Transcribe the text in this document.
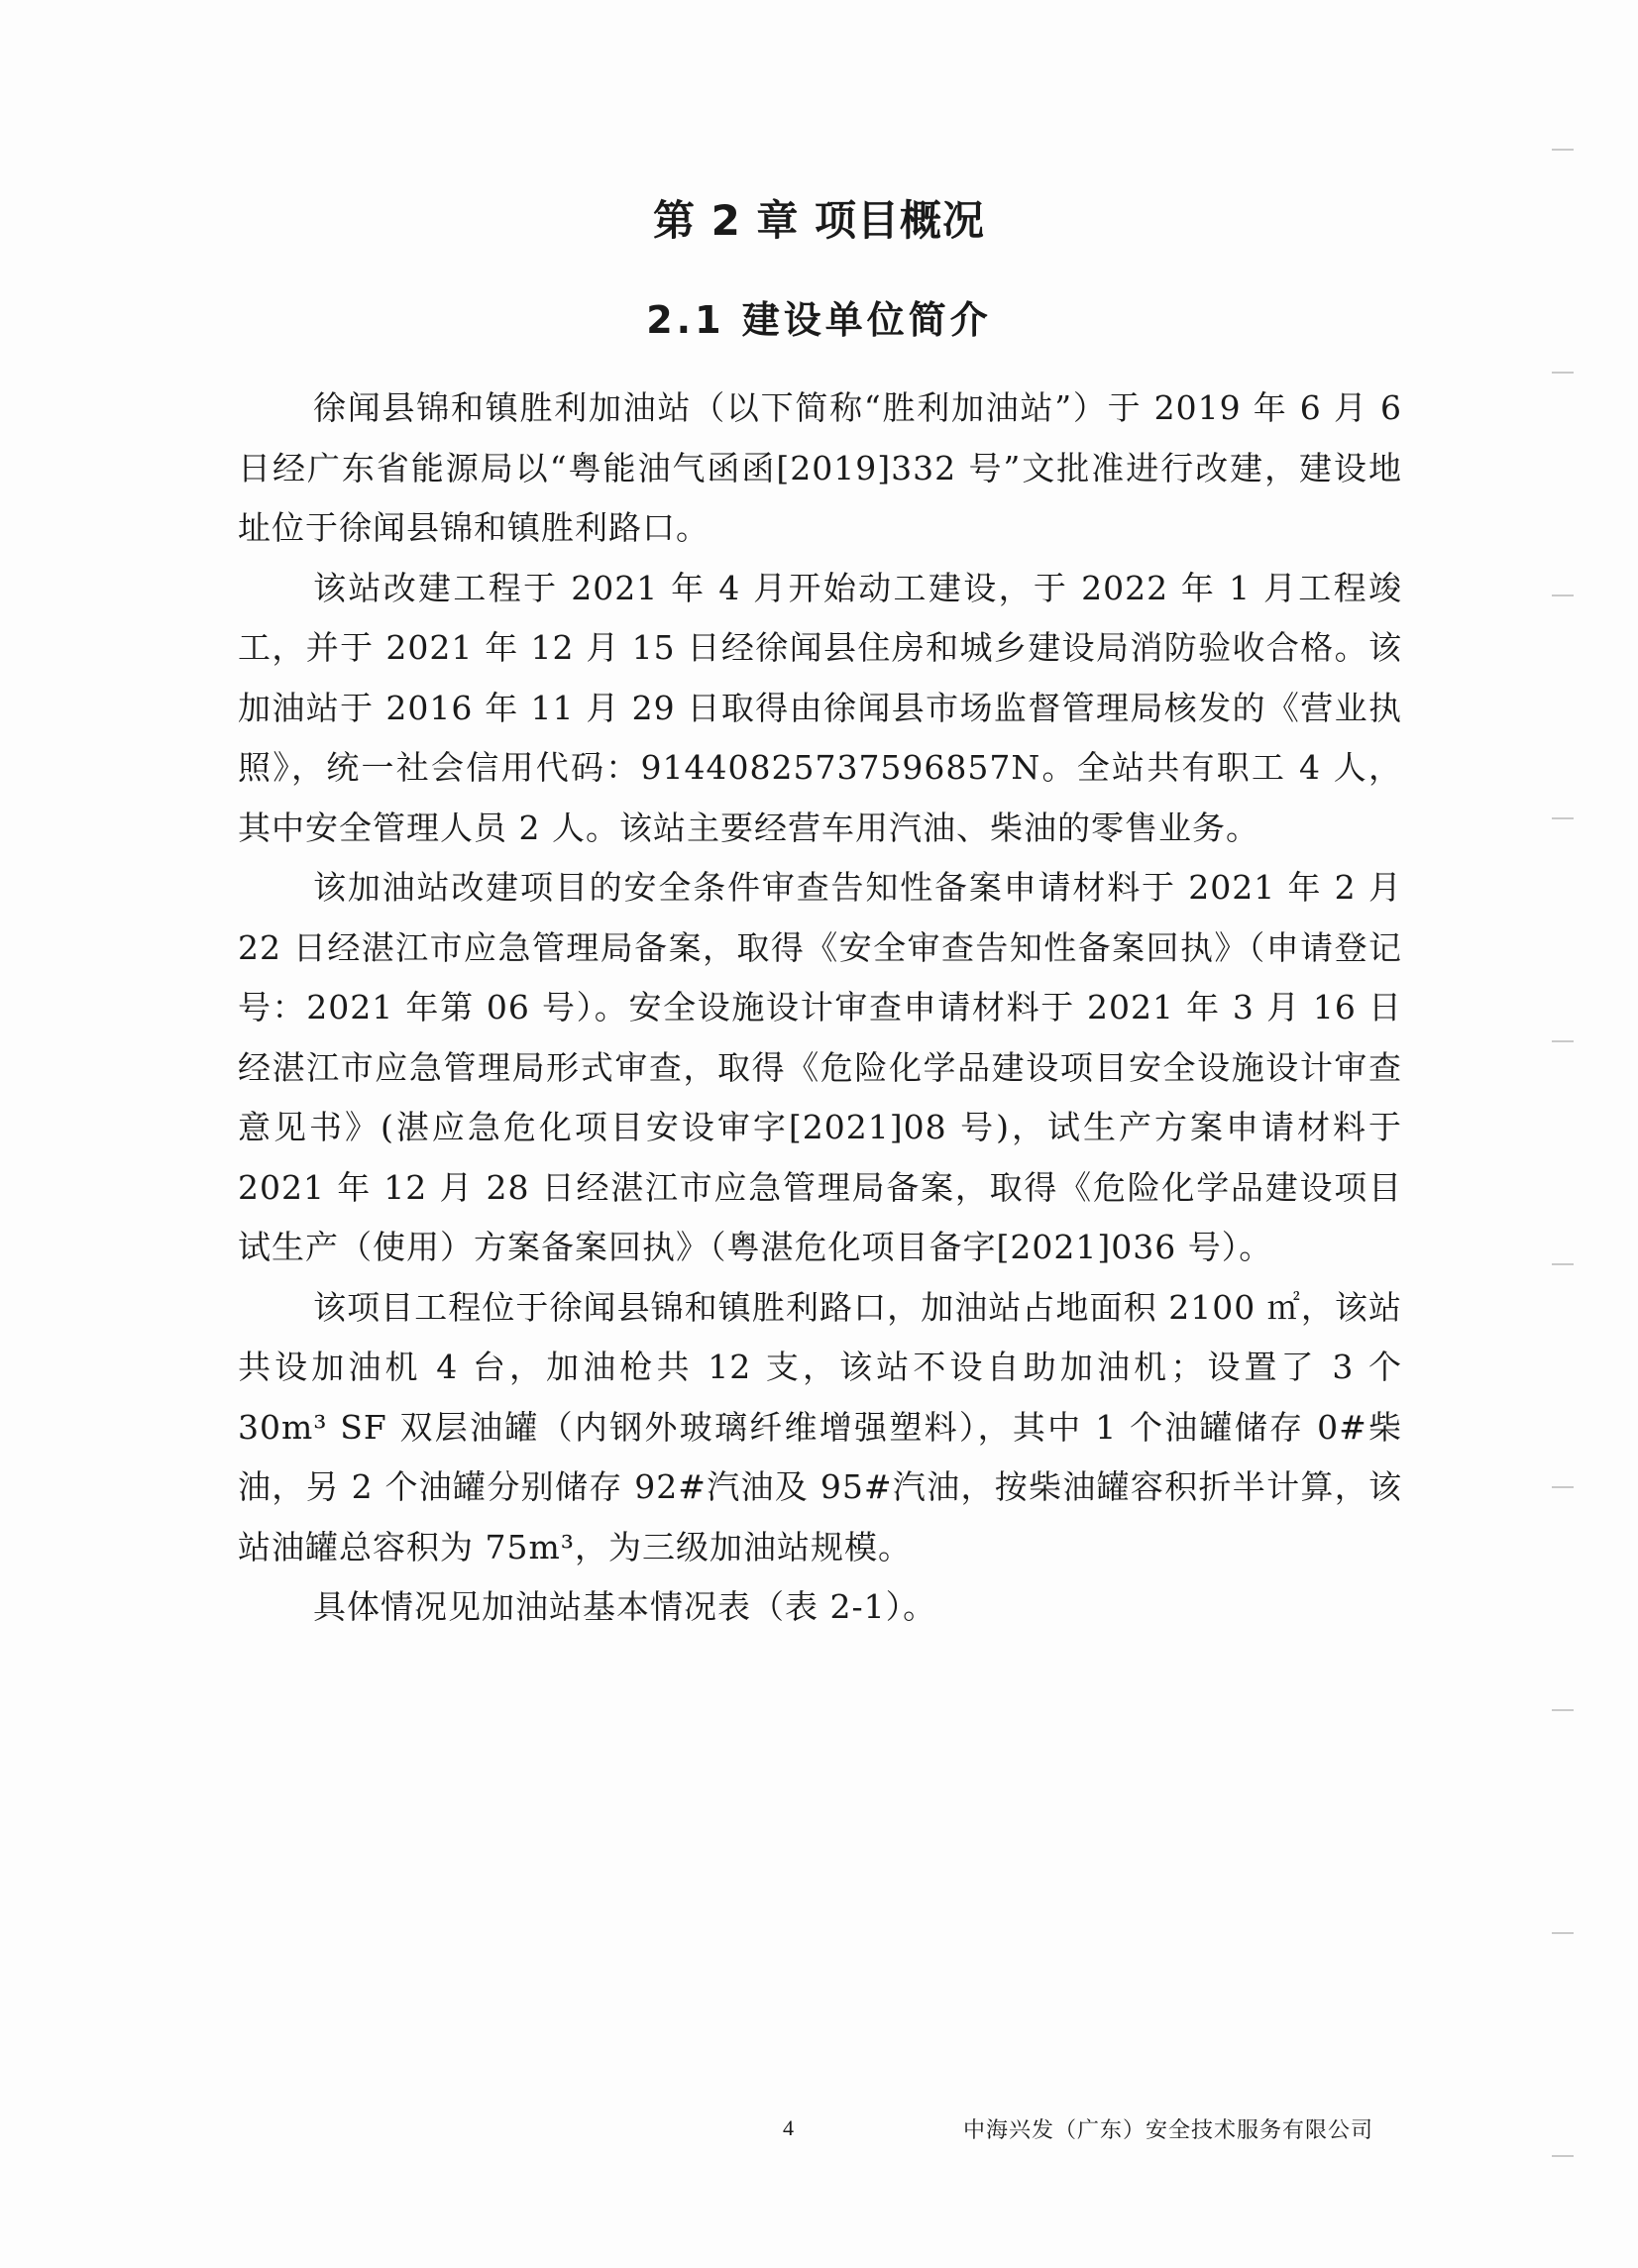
第 2 章 项目概况
2.1 建设单位简介

徐闻县锦和镇胜利加油站（以下简称“胜利加油站”）于 2019 年 6 月 6 日经广东省能源局以“粤能油气函函[2019]332 号”文批准进行改建，建设地址位于徐闻县锦和镇胜利路口。

该站改建工程于 2021 年 4 月开始动工建设，于 2022 年 1 月工程竣工，并于 2021 年 12 月 15 日经徐闻县住房和城乡建设局消防验收合格。该加油站于 2016 年 11 月 29 日取得由徐闻县市场监督管理局核发的《营业执照》，统一社会信用代码：91440825737596857N。全站共有职工 4 人，其中安全管理人员 2 人。该站主要经营车用汽油、柴油的零售业务。

该加油站改建项目的安全条件审查告知性备案申请材料于 2021 年 2 月 22 日经湛江市应急管理局备案，取得《安全审查告知性备案回执》（申请登记号：2021 年第 06 号）。安全设施设计审查申请材料于 2021 年 3 月 16 日经湛江市应急管理局形式审查，取得《危险化学品建设项目安全设施设计审查意见书》(湛应急危化项目安设审字[2021]08 号)，试生产方案申请材料于 2021 年 12 月 28 日经湛江市应急管理局备案，取得《危险化学品建设项目试生产（使用）方案备案回执》（粤湛危化项目备字[2021]036 号）。

该项目工程位于徐闻县锦和镇胜利路口，加油站占地面积 2100 ㎡，该站共设加油机 4 台，加油枪共 12 支，该站不设自助加油机；设置了 3 个 30m³ SF 双层油罐（内钢外玻璃纤维增强塑料），其中 1 个油罐储存 0#柴油，另 2 个油罐分别储存 92#汽油及 95#汽油，按柴油罐容积折半计算，该站油罐总容积为 75m³，为三级加油站规模。

具体情况见加油站基本情况表（表 2-1）。

4	中海兴发（广东）安全技术服务有限公司
